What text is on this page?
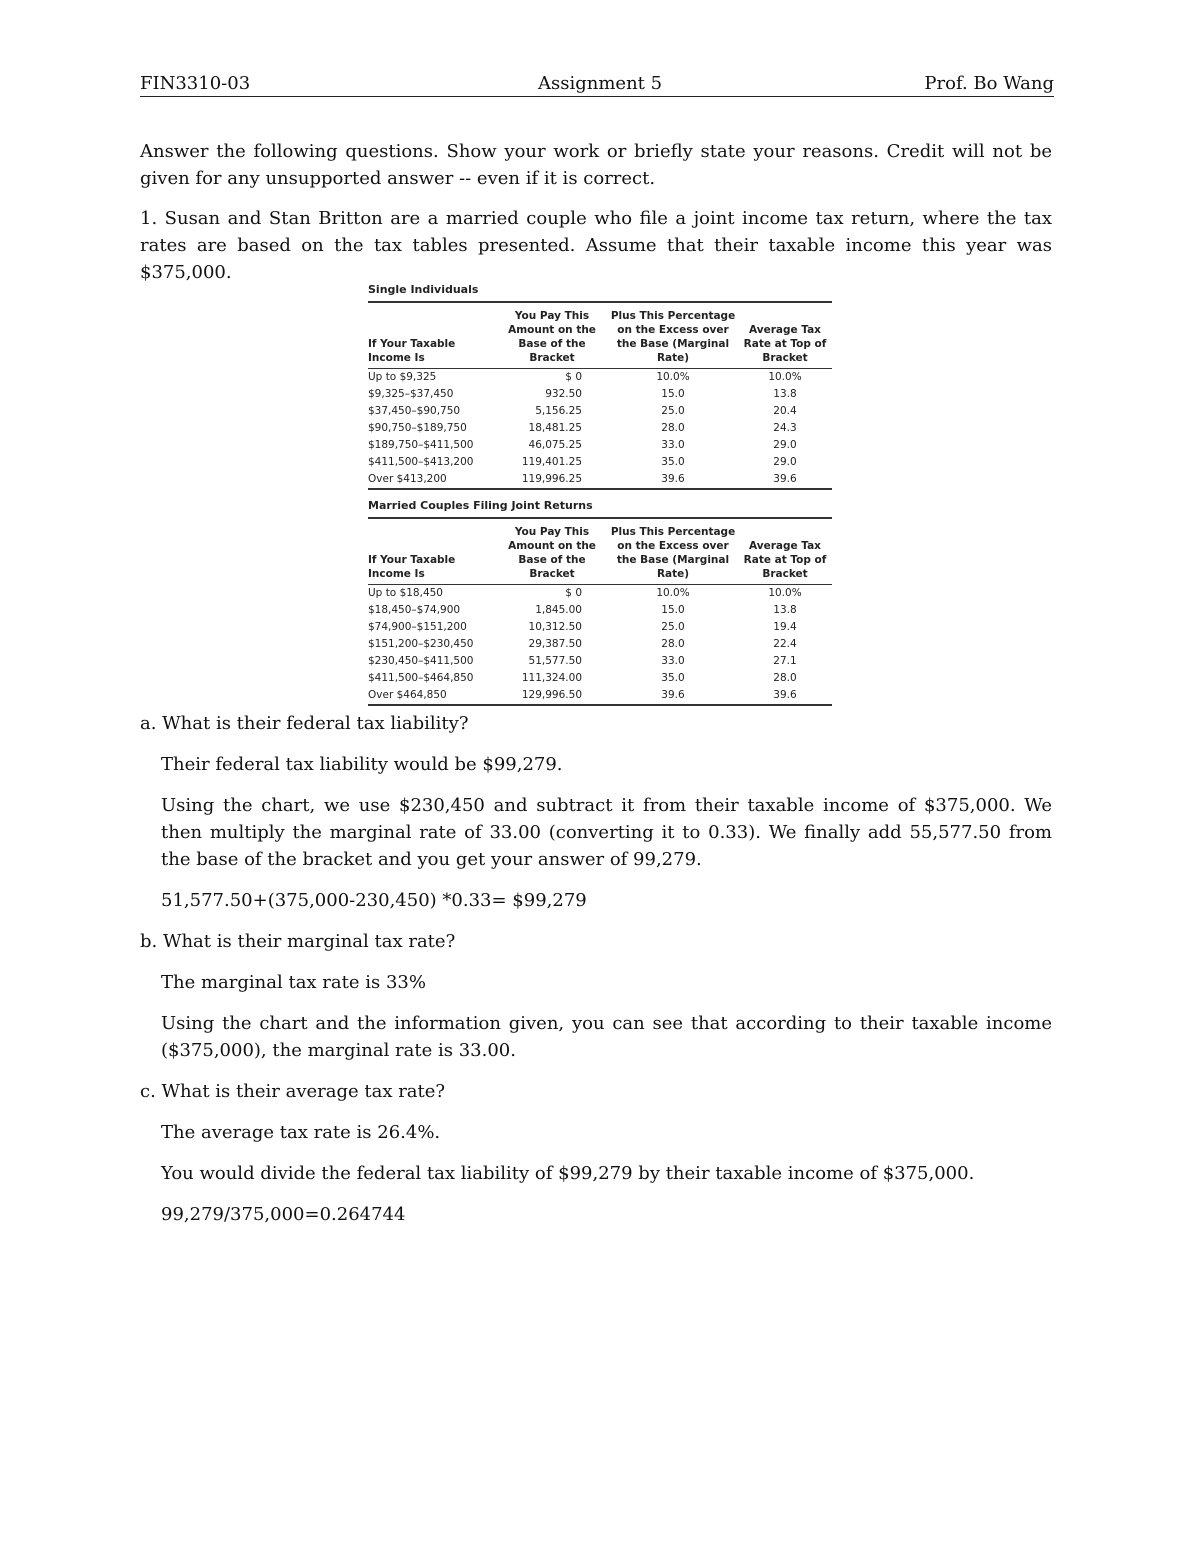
FIN3310-03	Assignment 5	Prof. Bo Wang

Answer the following questions. Show your work or briefly state your reasons. Credit will not be given for any unsupported answer -- even if it is correct.

1. Susan and Stan Britton are a married couple who file a joint income tax return, where the tax rates are based on the tax tables presented. Assume that their taxable income this year was $375,000.

Single Individuals
If Your Taxable Income Is	You Pay This Amount on the Base of the Bracket	Plus This Percentage on the Excess over the Base (Marginal Rate)	Average Tax Rate at Top of Bracket
Up to $9,325	$ 0	10.0%	10.0%
$9,325–$37,450	932.50	15.0	13.8
$37,450–$90,750	5,156.25	25.0	20.4
$90,750–$189,750	18,481.25	28.0	24.3
$189,750–$411,500	46,075.25	33.0	29.0
$411,500–$413,200	119,401.25	35.0	29.0
Over $413,200	119,996.25	39.6	39.6
Married Couples Filing Joint Returns
If Your Taxable Income Is	You Pay This Amount on the Base of the Bracket	Plus This Percentage on the Excess over the Base (Marginal Rate)	Average Tax Rate at Top of Bracket
Up to $18,450	$ 0	10.0%	10.0%
$18,450–$74,900	1,845.00	15.0	13.8
$74,900–$151,200	10,312.50	25.0	19.4
$151,200–$230,450	29,387.50	28.0	22.4
$230,450–$411,500	51,577.50	33.0	27.1
$411,500–$464,850	111,324.00	35.0	28.0
Over $464,850	129,996.50	39.6	39.6

a. What is their federal tax liability?

Their federal tax liability would be $99,279.

Using the chart, we use $230,450 and subtract it from their taxable income of $375,000. We then multiply the marginal rate of 33.00 (converting it to 0.33). We finally add 55,577.50 from the base of the bracket and you get your answer of 99,279.

51,577.50+(375,000-230,450) *0.33= $99,279

b. What is their marginal tax rate?

The marginal tax rate is 33%

Using the chart and the information given, you can see that according to their taxable income ($375,000), the marginal rate is 33.00.

c. What is their average tax rate?

The average tax rate is 26.4%.

You would divide the federal tax liability of $99,279 by their taxable income of $375,000.

99,279/375,000=0.264744
